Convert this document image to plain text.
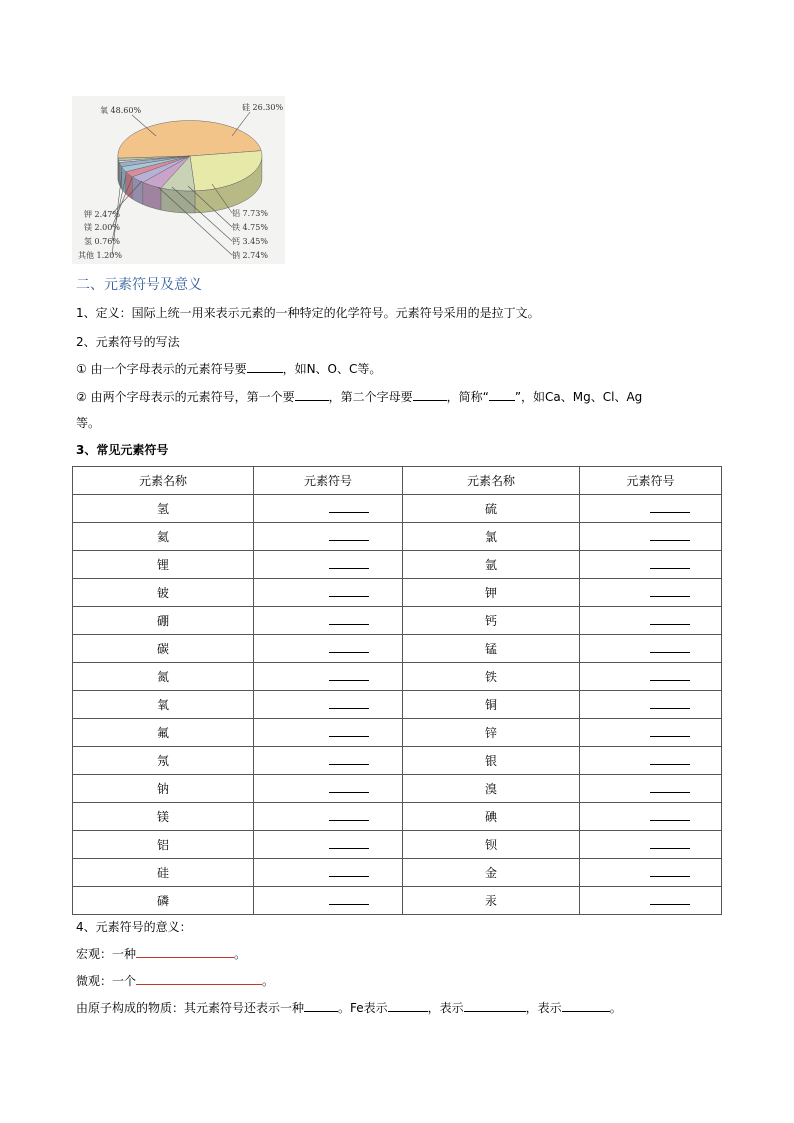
氧 48.60%	硅 26.30%
铝 7.73%
铁 4.75%
钙 3.45%
钠 2.74%
钾 2.47%
镁 2.00%
氢 0.76%
其他 1.20%
二、元素符号及意义
1、定义：国际上统一用来表示元素的一种特定的化学符号。元素符号采用的是拉丁文。
2、元素符号的写法
① 由一个字母表示的元素符号要	，如N、O、C等。
② 由两个字母表示的元素符号，第一个要	，第二个字母要	，简称“ ”，如Ca、Mg、Cl、Ag
等。
3、常见元素符号
元素名称	元素符号	元素名称	元素符号
氢		硫	

氦		氯	

锂		氩	

铍		钾	

硼		钙	

碳		锰	

氮		铁	

氧		铜	

氟		锌	

氖		银	

钠		溴	

镁		碘	

铝		钡	

硅		金	

磷		汞	
4、元素符号的意义：
宏观：一种	。
微观：一个	。
由原子构成的物质：其元素符号还表示一种	。Fe表示	，表示	，表示	。
